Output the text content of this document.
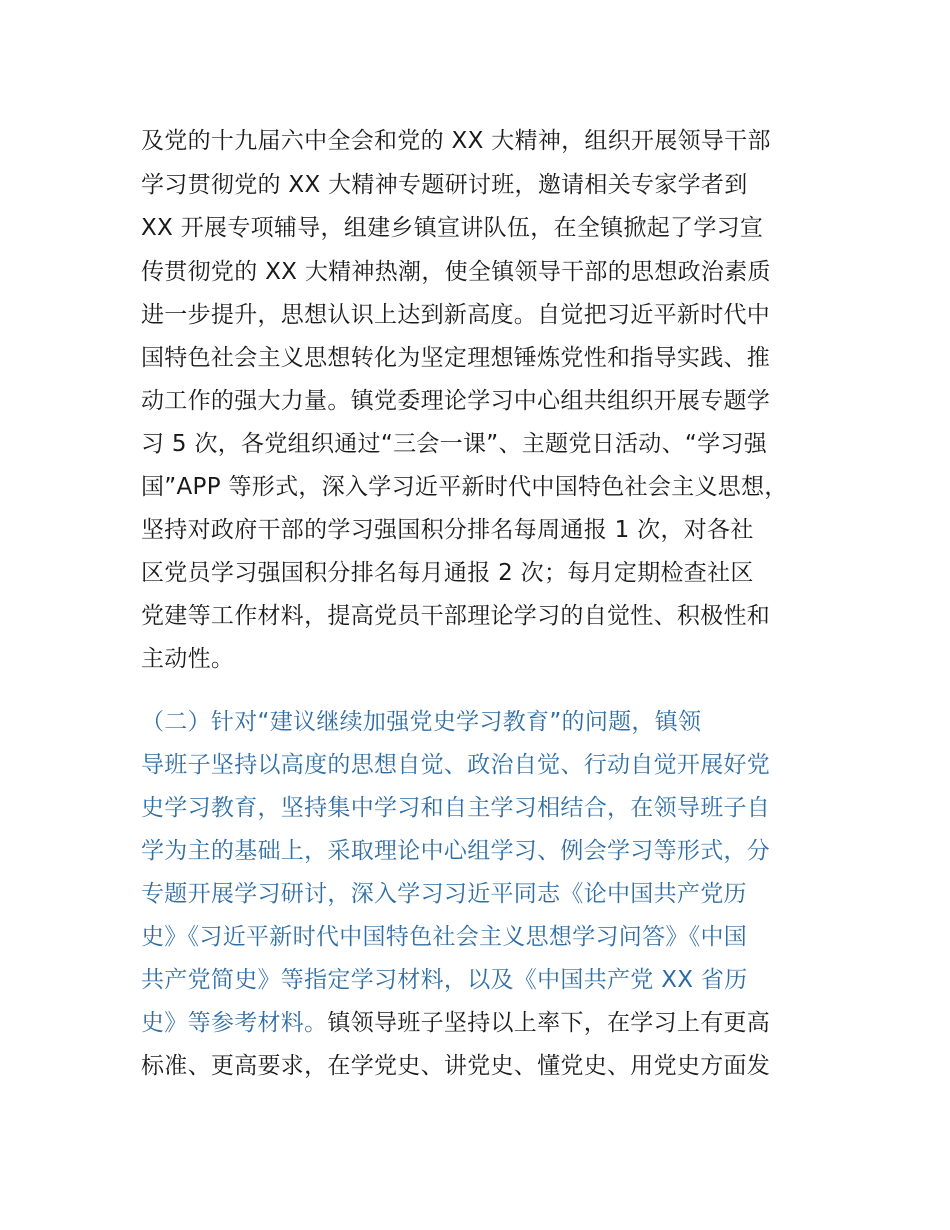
及党的十九届六中全会和党的 XX 大精神，组织开展领导干部
学习贯彻党的 XX 大精神专题研讨班，邀请相关专家学者到
XX 开展专项辅导，组建乡镇宣讲队伍，在全镇掀起了学习宣
传贯彻党的 XX 大精神热潮，使全镇领导干部的思想政治素质
进一步提升，思想认识上达到新高度。自觉把习近平新时代中
国特色社会主义思想转化为坚定理想锤炼党性和指导实践、推
动工作的强大力量。镇党委理论学习中心组共组织开展专题学
习 5 次，各党组织通过“三会一课”、主题党日活动、“学习强
国”APP 等形式，深入学习近平新时代中国特色社会主义思想，
坚持对政府干部的学习强国积分排名每周通报 1 次，对各社
区党员学习强国积分排名每月通报 2 次；每月定期检查社区
党建等工作材料，提高党员干部理论学习的自觉性、积极性和
主动性。
（二）针对“建议继续加强党史学习教育”的问题，镇领
导班子坚持以高度的思想自觉、政治自觉、行动自觉开展好党
史学习教育，坚持集中学习和自主学习相结合，在领导班子自
学为主的基础上，采取理论中心组学习、例会学习等形式，分
专题开展学习研讨，深入学习习近平同志《论中国共产党历
史》《习近平新时代中国特色社会主义思想学习问答》《中国
共产党简史》等指定学习材料，以及《中国共产党 XX 省历
史》等参考材料。镇领导班子坚持以上率下，在学习上有更高
标准、更高要求，在学党史、讲党史、懂党史、用党史方面发
